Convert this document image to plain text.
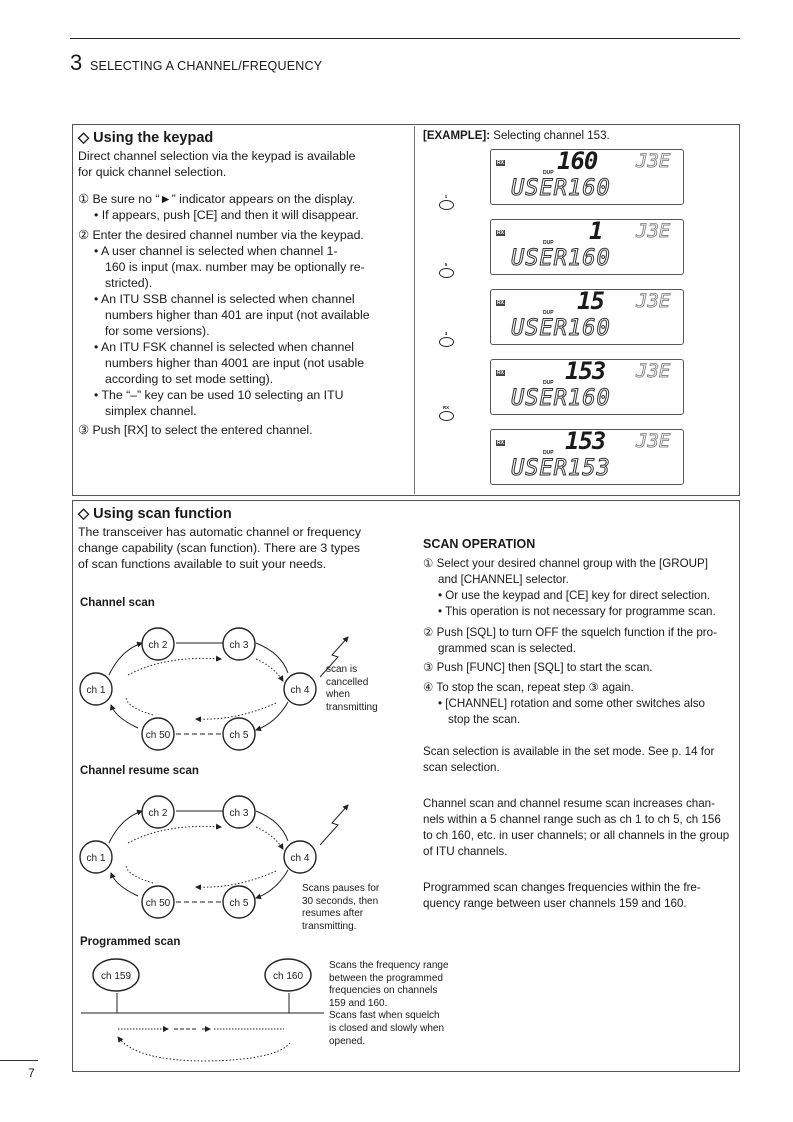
3 SELECTING A CHANNEL/FREQUENCY
◇ Using the keypad
Direct channel selection via the keypad is available
for quick channel selection.
① Be sure no “►” indicator appears on the display.
• If appears, push [CE] and then it will disappear.
② Enter the desired channel number via the keypad.
• A user channel is selected when channel 1-
160 is input (max. number may be optionally re-
stricted).
• An ITU SSB channel is selected when channel
numbers higher than 401 are input (not available
for some versions).
• An ITU FSK channel is selected when channel
numbers higher than 4001 are input (not usable
according to set mode setting).
• The “–” key can be used 10 selecting an ITU
simplex channel.
③ Push [RX] to select the entered channel.
[EXAMPLE]: Selecting channel 153.
1
5
3
RX
RX
DUP 160 J3E
USER160
RX
DUP 1 J3E
USER160
RX
DUP 15 J3E
USER160
RX
DUP 153 J3E
USER160
RX
DUP 153 J3E
USER153
◇ Using scan function
The transceiver has automatic channel or frequency
change capability (scan function). There are 3 types
of scan functions available to suit your needs.
Channel scan
ch 1
ch 2	ch 3
ch 4
ch 5
ch 50
scan is
cancelled
when
transmitting
Channel resume scan
ch 1
ch 2	ch 3
ch 4
ch 5
ch 50
Scans pauses for
30 seconds, then
resumes after
transmitting.
Programmed scan
ch 159	ch 160
Scans the frequency range
between the programmed
frequencies on channels
159 and 160.
Scans fast when squelch
is closed and slowly when
opened.
SCAN OPERATION
① Select your desired channel group with the [GROUP]
and [CHANNEL] selector.
• Or use the keypad and [CE] key for direct selection.
• This operation is not necessary for programme scan.
② Push [SQL] to turn OFF the squelch function if the pro-
grammed scan is selected.
③ Push [FUNC] then [SQL] to start the scan.
④ To stop the scan, repeat step ③ again.
• [CHANNEL] rotation and some other switches also
stop the scan.
Scan selection is available in the set mode. See p. 14 for
scan selection.
Channel scan and channel resume scan increases chan-
nels within a 5 channel range such as ch 1 to ch 5, ch 156
to ch 160, etc. in user channels; or all channels in the group
of ITU channels.
Programmed scan changes frequencies within the fre-
quency range between user channels 159 and 160.
7
